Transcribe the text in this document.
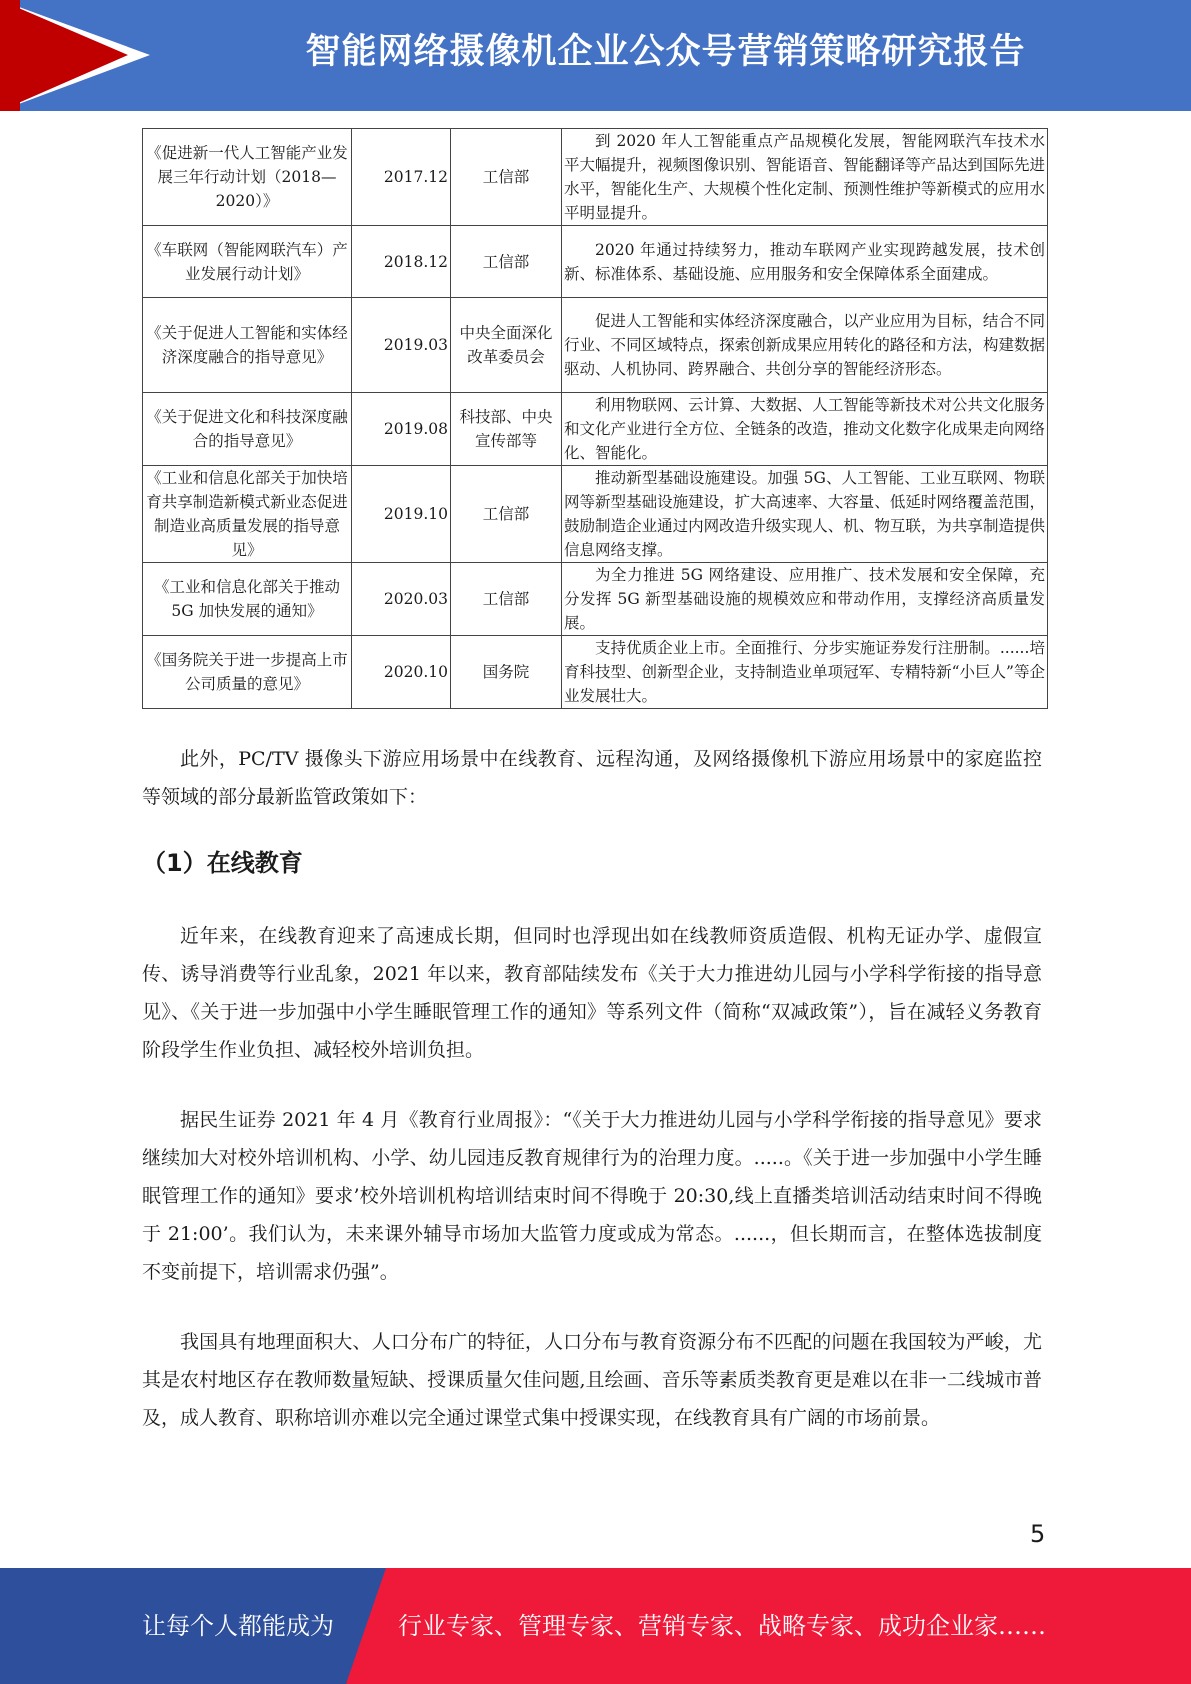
智能网络摄像机企业公众号营销策略研究报告
《促进新一代人工智能产业发展三年行动计划（2018—2020）》	2017.12	工信部	到 2020 年人工智能重点产品规模化发展，智能网联汽车技术水平大幅提升，视频图像识别、智能语音、智能翻译等产品达到国际先进水平，智能化生产、大规模个性化定制、预测性维护等新模式的应用水平明显提升。
《车联网（智能网联汽车）产业发展行动计划》	2018.12	工信部	2020 年通过持续努力，推动车联网产业实现跨越发展，技术创新、标准体系、基础设施、应用服务和安全保障体系全面建成。
《关于促进人工智能和实体经济深度融合的指导意见》	2019.03	中央全面深化改革委员会	促进人工智能和实体经济深度融合，以产业应用为目标，结合不同行业、不同区域特点，探索创新成果应用转化的路径和方法，构建数据驱动、人机协同、跨界融合、共创分享的智能经济形态。
《关于促进文化和科技深度融合的指导意见》	2019.08	科技部、中央宣传部等	利用物联网、云计算、大数据、人工智能等新技术对公共文化服务和文化产业进行全方位、全链条的改造，推动文化数字化成果走向网络化、智能化。
《工业和信息化部关于加快培育共享制造新模式新业态促进制造业高质量发展的指导意见》	2019.10	工信部	推动新型基础设施建设。加强 5G、人工智能、工业互联网、物联网等新型基础设施建设，扩大高速率、大容量、低延时网络覆盖范围，鼓励制造企业通过内网改造升级实现人、机、物互联，为共享制造提供信息网络支撑。
《工业和信息化部关于推动 5G 加快发展的通知》	2020.03	工信部	为全力推进 5G 网络建设、应用推广、技术发展和安全保障，充分发挥 5G 新型基础设施的规模效应和带动作用，支撑经济高质量发展。
《国务院关于进一步提高上市公司质量的意见》	2020.10	国务院	支持优质企业上市。全面推行、分步实施证券发行注册制。......培育科技型、创新型企业，支持制造业单项冠军、专精特新“小巨人”等企业发展壮大。
此外，PC/TV 摄像头下游应用场景中在线教育、远程沟通，及网络摄像机下游应用场景中的家庭监控等领域的部分最新监管政策如下：
（1）在线教育
近年来，在线教育迎来了高速成长期，但同时也浮现出如在线教师资质造假、机构无证办学、虚假宣传、诱导消费等行业乱象，2021 年以来，教育部陆续发布《关于大力推进幼儿园与小学科学衔接的指导意见》、《关于进一步加强中小学生睡眠管理工作的通知》等系列文件（简称“双减政策”），旨在减轻义务教育阶段学生作业负担、减轻校外培训负担。
据民生证券 2021 年 4 月《教育行业周报》：“《关于大力推进幼儿园与小学科学衔接的指导意见》要求继续加大对校外培训机构、小学、幼儿园违反教育规律行为的治理力度。.....。《关于进一步加强中小学生睡眠管理工作的通知》要求’校外培训机构培训结束时间不得晚于 20:30,线上直播类培训活动结束时间不得晚于 21:00’。我们认为，未来课外辅导市场加大监管力度或成为常态。......，但长期而言，在整体选拔制度不变前提下，培训需求仍强”。
我国具有地理面积大、人口分布广的特征，人口分布与教育资源分布不匹配的问题在我国较为严峻，尤其是农村地区存在教师数量短缺、授课质量欠佳问题,且绘画、音乐等素质类教育更是难以在非一二线城市普及，成人教育、职称培训亦难以完全通过课堂式集中授课实现，在线教育具有广阔的市场前景。
5
让每个人都能成为	行业专家、管理专家、营销专家、战略专家、成功企业家……
